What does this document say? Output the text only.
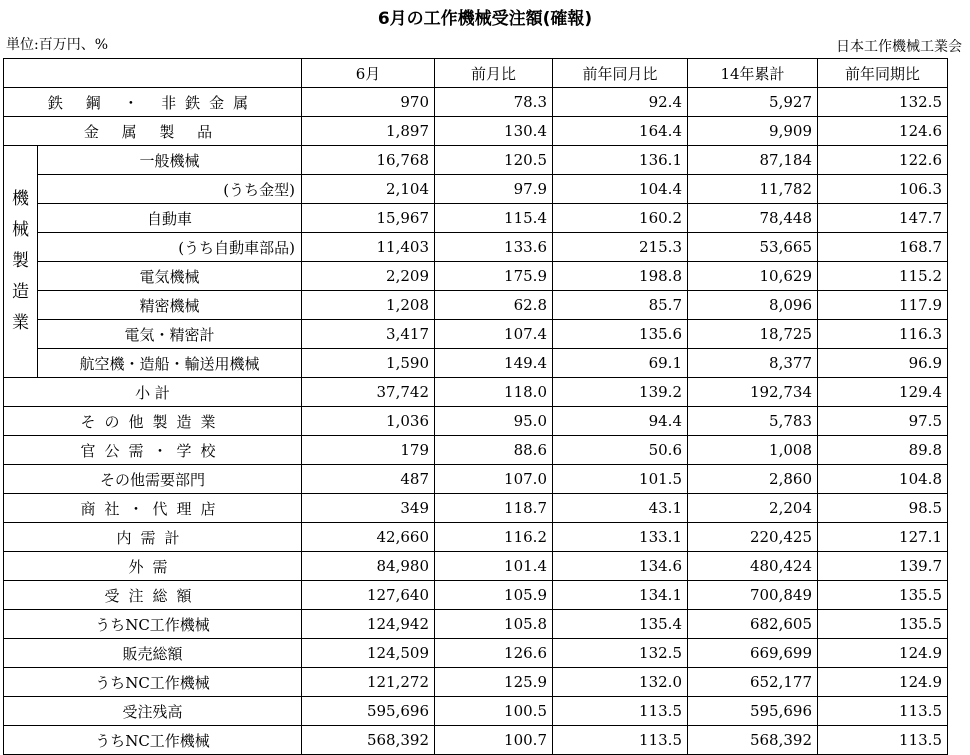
6月の工作機械受注額(確報)
単位:百万円、%	日本工作機械工業会
		6月	前月比	前年同月比	14年累計	前年同期比
鉄 鋼 ・ 非鉄金属		970	78.3	92.4	5,927	132.5
金 属 製 品		1,897	130.4	164.4	9,909	124.6

機
械
製
造
業	一般機械	16,768	120.5	136.1	87,184	122.6
	(うち金型)	2,104	97.9	104.4	11,782	106.3
	自動車	15,967	115.4	160.2	78,448	147.7
	(うち自動車部品)	11,403	133.6	215.3	53,665	168.7
	電気機械	2,209	175.9	198.8	10,629	115.2
	精密機械	1,208	62.8	85.7	8,096	117.9
	電気・精密計	3,417	107.4	135.6	18,725	116.3
	航空機・造船・輸送用機械	1,590	149.4	69.1	8,377	96.9
小 計		37,742	118.0	139.2	192,734	129.4
その他製造業		1,036	95.0	94.4	5,783	97.5
官公需・学校		179	88.6	50.6	1,008	89.8
その他需要部門		487	107.0	101.5	2,860	104.8
商社・代理店		349	118.7	43.1	2,204	98.5
内需計		42,660	116.2	133.1	220,425	127.1
外需		84,980	101.4	134.6	480,424	139.7
受注総額		127,640	105.9	134.1	700,849	135.5
うちNC工作機械		124,942	105.8	135.4	682,605	135.5
販売総額		124,509	126.6	132.5	669,699	124.9
うちNC工作機械		121,272	125.9	132.0	652,177	124.9
受注残高		595,696	100.5	113.5	595,696	113.5
うちNC工作機械		568,392	100.7	113.5	568,392	113.5
